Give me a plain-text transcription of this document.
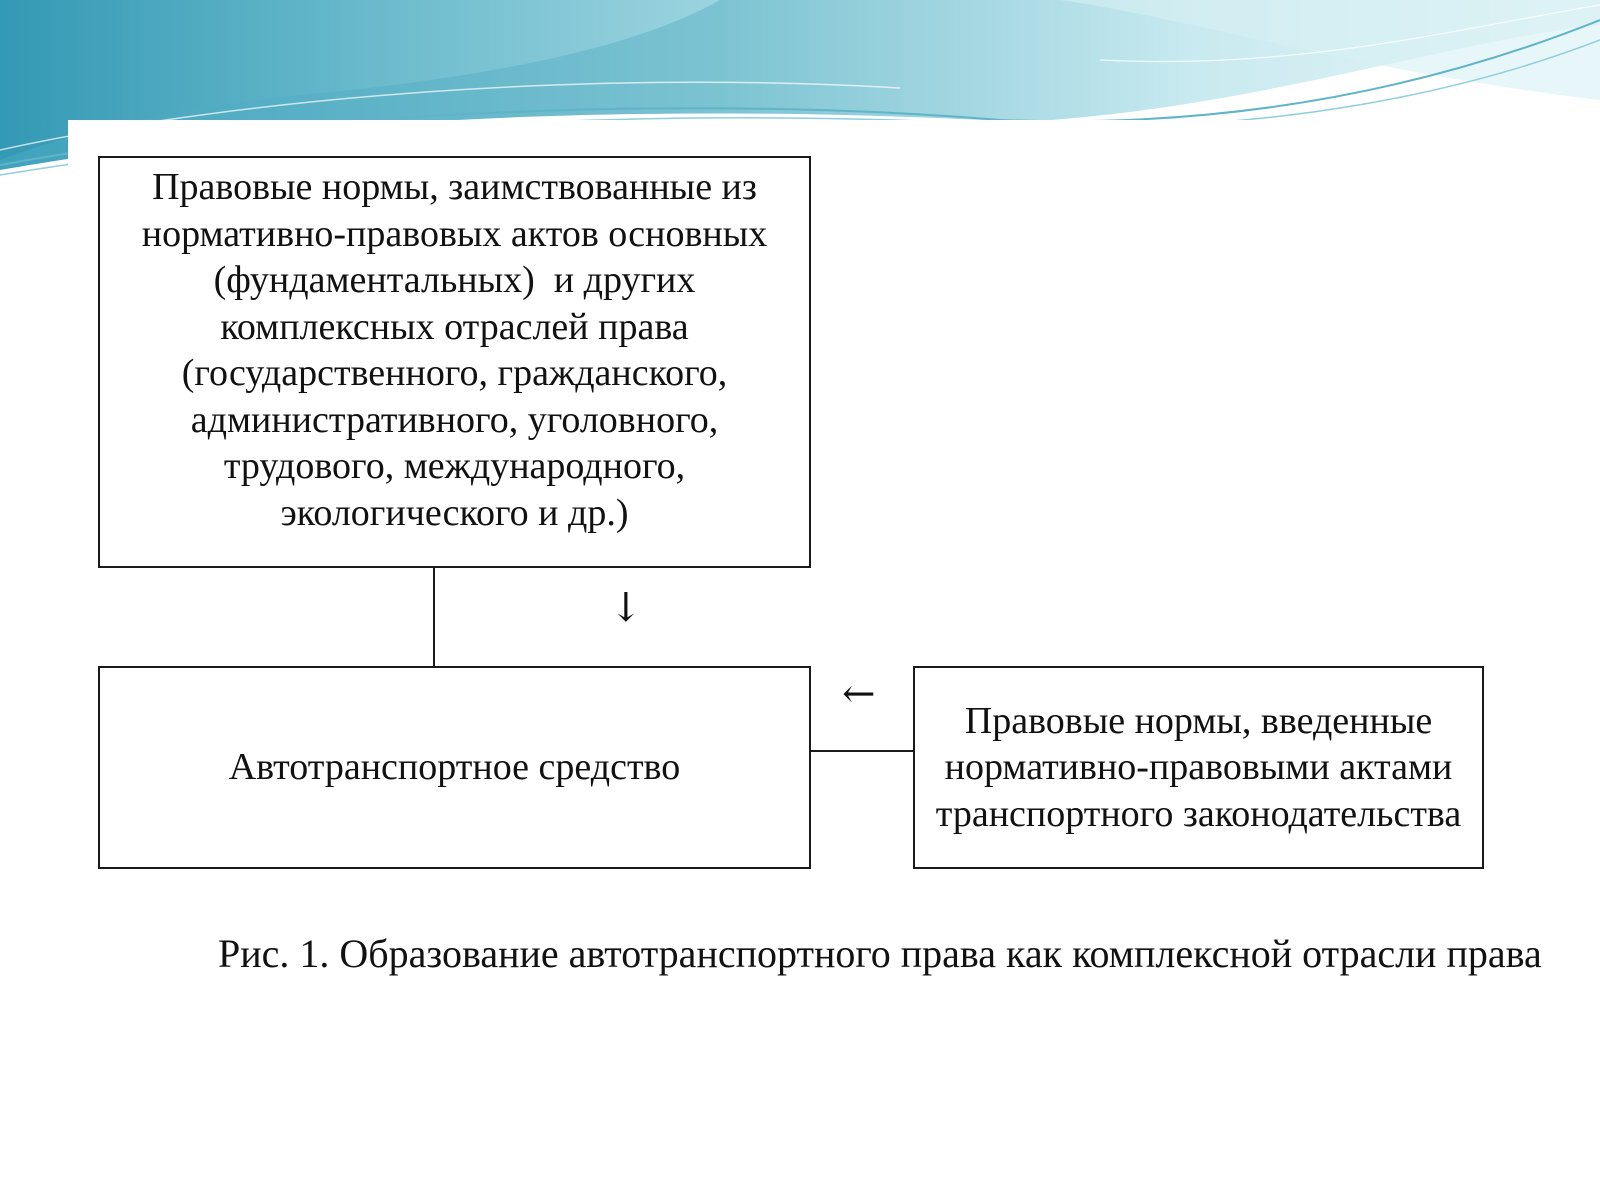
Правовые нормы, заимствованные из
нормативно-правовых актов основных
(фундаментальных)  и других
комплексных отраслей права
(государственного, гражданского,
административного, уголовного,
трудового, международного,
экологического и др.)
↓
Автотранспортное средство
←
Правовые нормы, введенные
нормативно-правовыми актами
транспортного законодательства
Рис. 1. Образование автотранспортного права как комплексной отрасли права
